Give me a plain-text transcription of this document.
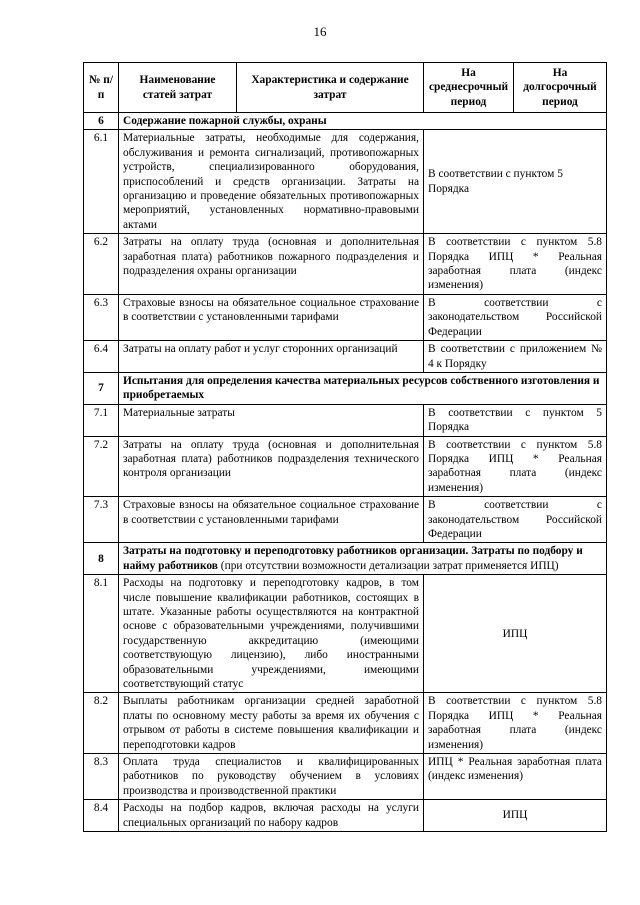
16
№ п/п	Наименование статей затрат	Характеристика и содержание затрат	На среднесрочный период	На долгосрочный период
6	Содержание пожарной службы, охраны			
6.1	Материальные затраты, необходимые для содержания, обслуживания и ремонта сигнализаций, противопожарных устройств, специализированного оборудования, приспособлений и средств организации. Затраты на организацию и проведение обязательных противопожарных мероприятий, установленных нормативно-правовыми актами		В соответствии с пунктом 5 Порядка	
6.2	Затраты на оплату труда (основная и дополнительная заработная плата) работников пожарного подразделения и подразделения охраны организации		В соответствии с пунктом 5.8 Порядка ИПЦ * Реальная заработная плата (индекс изменения)	
6.3	Страховые взносы на обязательное социальное страхование в соответствии с установленными тарифами		В соответствии с законодательством Российской Федерации	
6.4	Затраты на оплату работ и услуг сторонних организаций		В соответствии с приложением № 4 к Порядку	
7	Испытания для определения качества материальных ресурсов собственного изготовления и приобретаемых			
7.1	Материальные затраты		В соответствии с пунктом 5 Порядка	
7.2	Затраты на оплату труда (основная и дополнительная заработная плата) работников подразделения технического контроля организации		В соответствии с пунктом 5.8 Порядка ИПЦ * Реальная заработная плата (индекс изменения)	
7.3	Страховые взносы на обязательное социальное страхование в соответствии с установленными тарифами		В соответствии с законодательством Российской Федерации	
8	Затраты на подготовку и переподготовку работников организации. Затраты по подбору и найму работников (при отсутствии возможности детализации затрат применяется ИПЦ)			
8.1	Расходы на подготовку и переподготовку кадров, в том числе повышение квалификации работников, состоящих в штате. Указанные работы осуществляются на контрактной основе с образовательными учреждениями, получившими государственную аккредитацию (имеющими соответствующую лицензию), либо иностранными образовательными учреждениями, имеющими соответствующий статус		ИПЦ	
8.2	Выплаты работникам организации средней заработной платы по основному месту работы за время их обучения с отрывом от работы в системе повышения квалификации и переподготовки кадров		В соответствии с пунктом 5.8 Порядка ИПЦ * Реальная заработная плата (индекс изменения)	
8.3	Оплата труда специалистов и квалифицированных работников по руководству обучением в условиях производства и производственной практики		ИПЦ * Реальная заработная плата (индекс изменения)	
8.4	Расходы на подбор кадров, включая расходы на услуги специальных организаций по набору кадров		ИПЦ	
